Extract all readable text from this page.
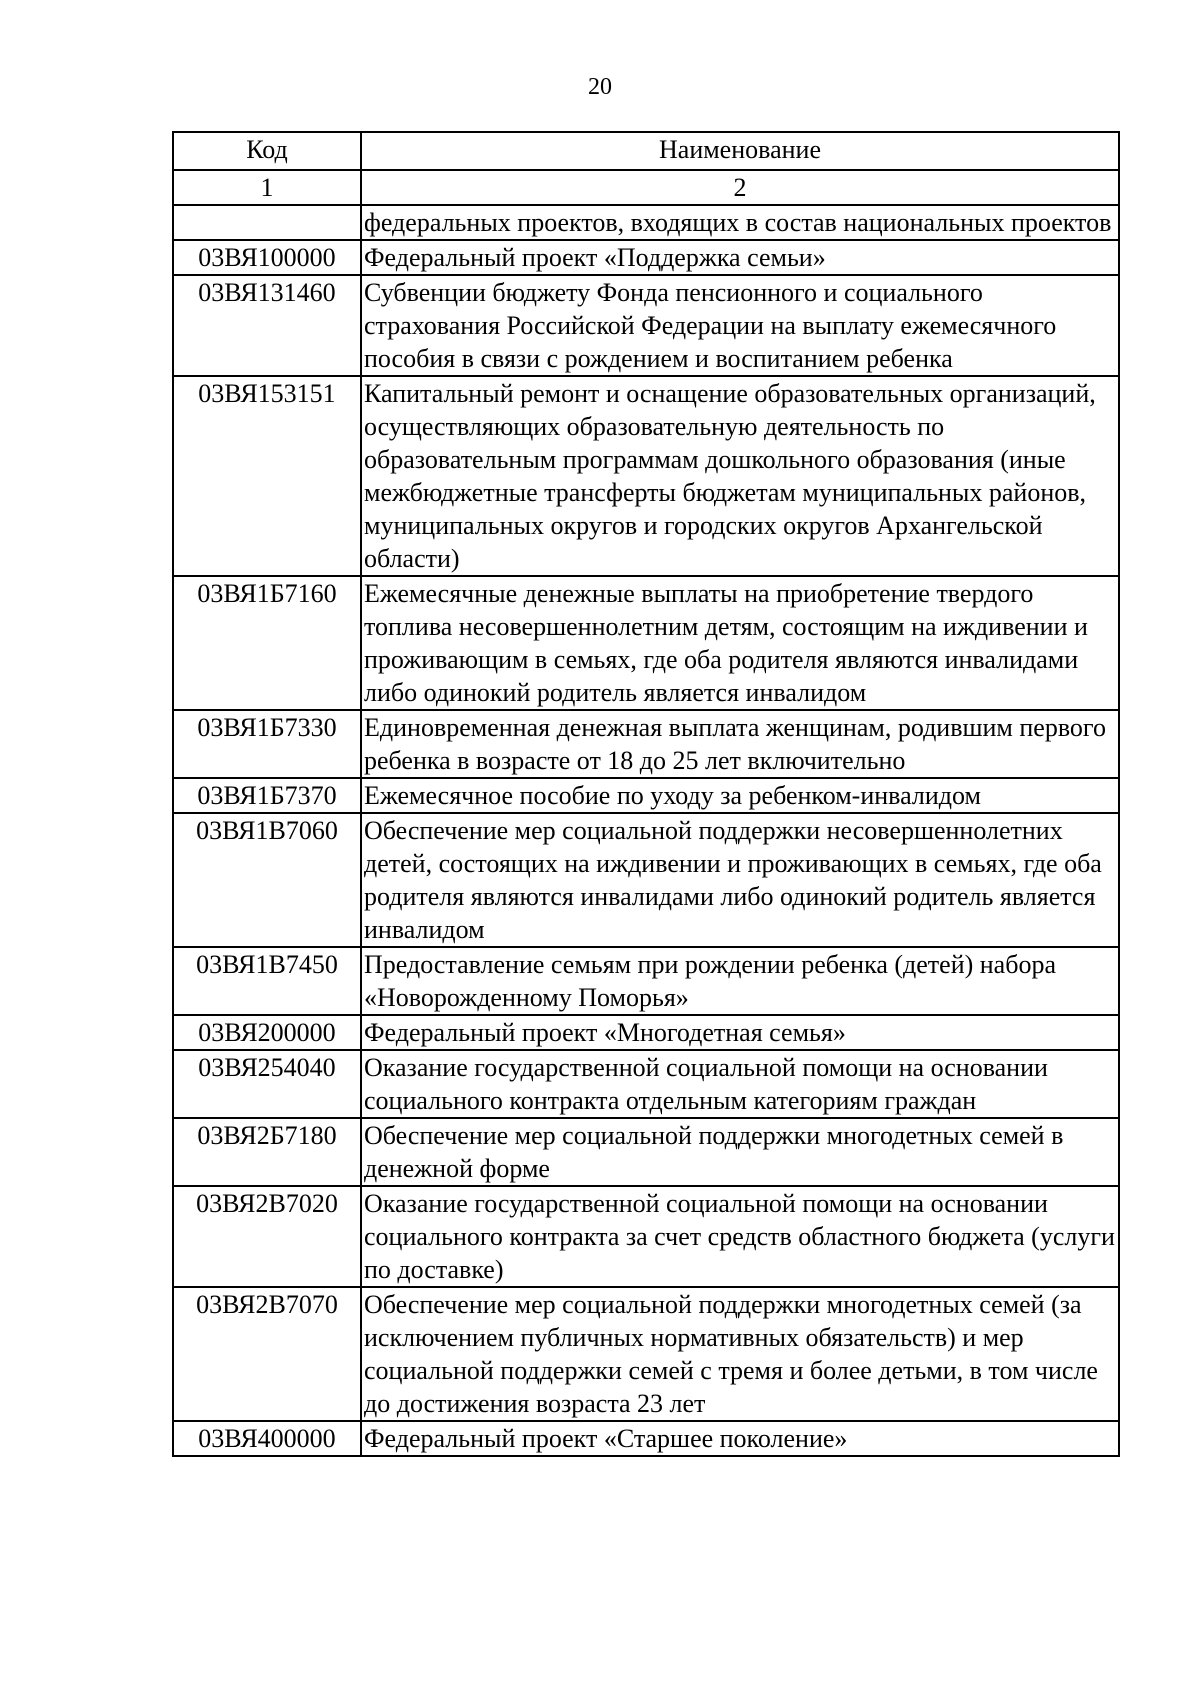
20
Код	Наименование
1	2
	федеральных проектов, входящих в состав национальных проектов
03ВЯ100000	Федеральный проект «Поддержка семьи»
03ВЯ131460	Субвенции бюджету Фонда пенсионного и социального страхования Российской Федерации на выплату ежемесячного пособия в связи с рождением и воспитанием ребенка
03ВЯ153151	Капитальный ремонт и оснащение образовательных организаций, осуществляющих образовательную деятельность по образовательным программам дошкольного образования (иные межбюджетные трансферты бюджетам муниципальных районов, муниципальных округов и городских округов Архангельской области)
03ВЯ1Б7160	Ежемесячные денежные выплаты на приобретение твердого топлива несовершеннолетним детям, состоящим на иждивении и проживающим в семьях, где оба родителя являются инвалидами либо одинокий родитель является инвалидом
03ВЯ1Б7330	Единовременная денежная выплата женщинам, родившим первого ребенка в возрасте от 18 до 25 лет включительно
03ВЯ1Б7370	Ежемесячное пособие по уходу за ребенком-инвалидом
03ВЯ1В7060	Обеспечение мер социальной поддержки несовершеннолетних детей, состоящих на иждивении и проживающих в семьях, где оба родителя являются инвалидами либо одинокий родитель является инвалидом
03ВЯ1В7450	Предоставление семьям при рождении ребенка (детей) набора «Новорожденному Поморья»
03ВЯ200000	Федеральный проект «Многодетная семья»
03ВЯ254040	Оказание государственной социальной помощи на основании социального контракта отдельным категориям граждан
03ВЯ2Б7180	Обеспечение мер социальной поддержки многодетных семей в денежной форме
03ВЯ2В7020	Оказание государственной социальной помощи на основании социального контракта за счет средств областного бюджета (услуги по доставке)
03ВЯ2В7070	Обеспечение мер социальной поддержки многодетных семей (за исключением публичных нормативных обязательств) и мер социальной поддержки семей с тремя и более детьми, в том числе до достижения возраста 23 лет
03ВЯ400000	Федеральный проект «Старшее поколение»
